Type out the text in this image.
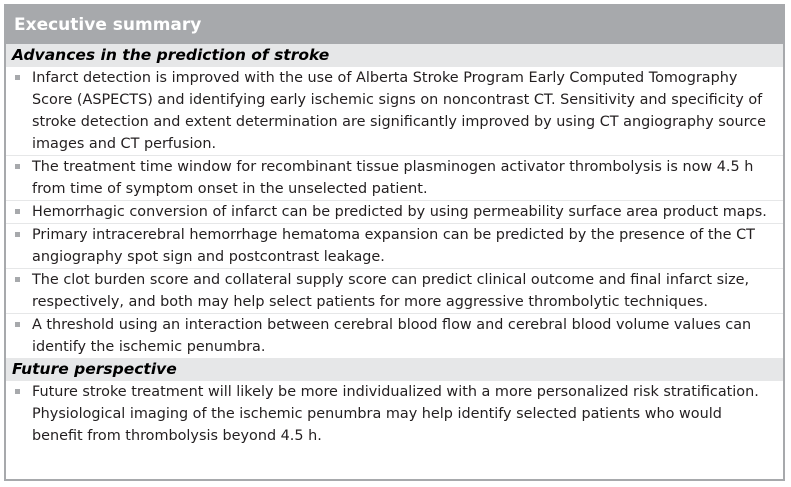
Executive summary
Advances in the prediction of stroke
Infarct detection is improved with the use of Alberta Stroke Program Early Computed Tomography Score (ASPECTS) and identifying early ischemic signs on noncontrast CT. Sensitivity and specificity of stroke detection and extent determination are significantly improved by using CT angiography source images and CT perfusion.
The treatment time window for recombinant tissue plasminogen activator thrombolysis is now 4.5 h from time of symptom onset in the unselected patient.
Hemorrhagic conversion of infarct can be predicted by using permeability surface area product maps.
Primary intracerebral hemorrhage hematoma expansion can be predicted by the presence of the CT angiography spot sign and postcontrast leakage.
The clot burden score and collateral supply score can predict clinical outcome and final infarct size, respectively, and both may help select patients for more aggressive thrombolytic techniques.
A threshold using an interaction between cerebral blood flow and cerebral blood volume values can identify the ischemic penumbra.
Future perspective
Future stroke treatment will likely be more individualized with a more personalized risk stratification. Physiological imaging of the ischemic penumbra may help identify selected patients who would benefit from thrombolysis beyond 4.5 h.
